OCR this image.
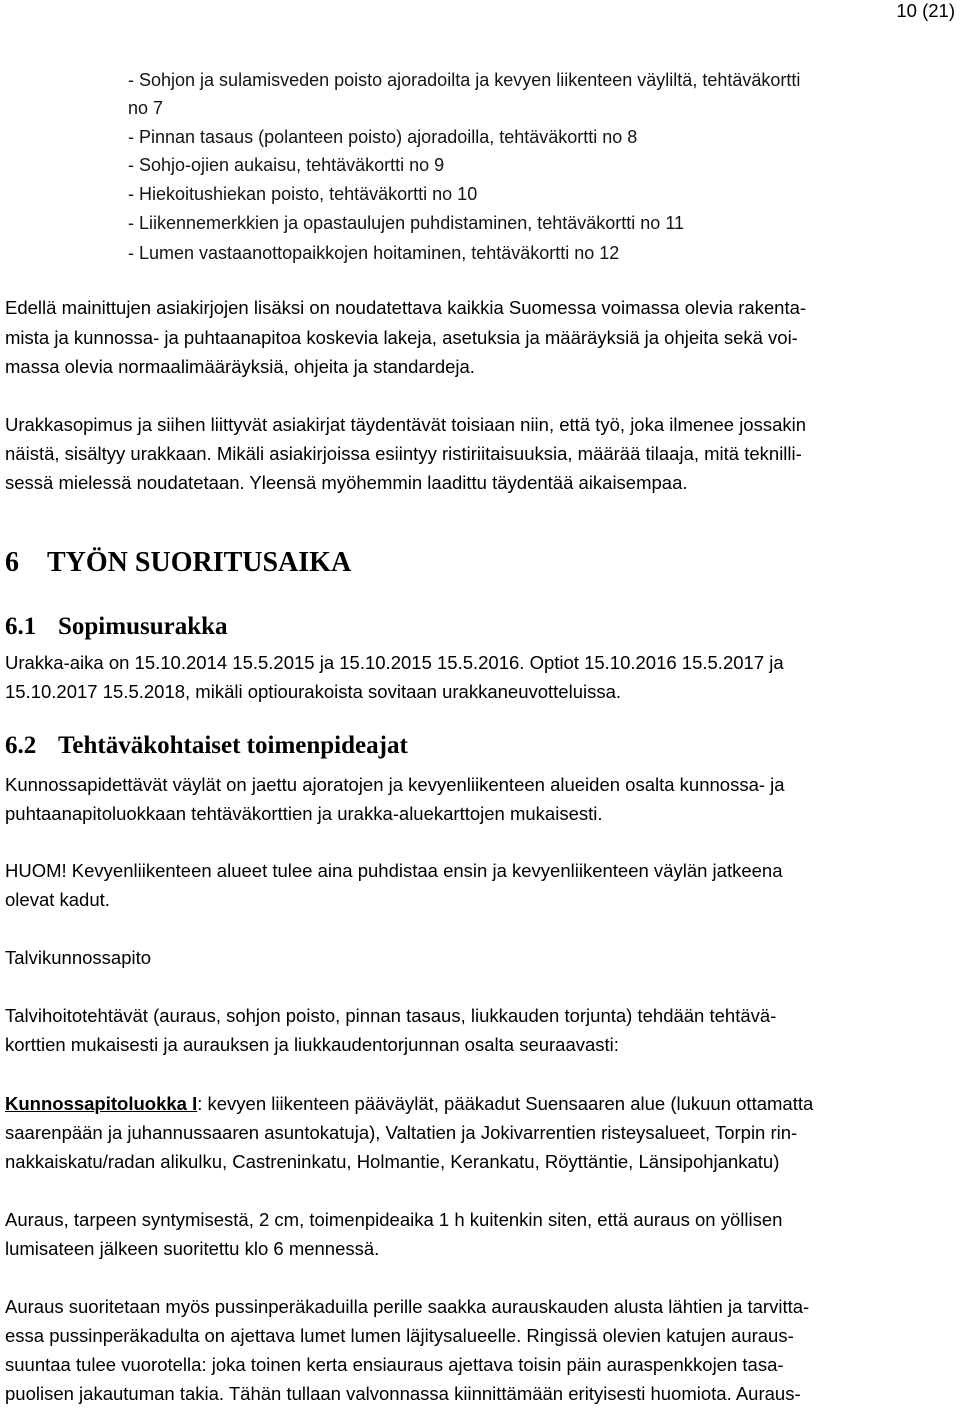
10 (21)
- Sohjon ja sulamisveden poisto ajoradoilta ja kevyen liikenteen väyliltä, tehtäväkortti
no 7
- Pinnan tasaus (polanteen poisto) ajoradoilla, tehtäväkortti no 8
- Sohjo-ojien aukaisu, tehtäväkortti no 9
- Hiekoitushiekan poisto, tehtäväkortti no 10
- Liikennemerkkien ja opastaulujen puhdistaminen, tehtäväkortti no 11
- Lumen vastaanottopaikkojen hoitaminen, tehtäväkortti no 12
Edellä mainittujen asiakirjojen lisäksi on noudatettava kaikkia Suomessa voimassa olevia rakenta-
mista ja kunnossa- ja puhtaanapitoa koskevia lakeja, asetuksia ja määräyksiä ja ohjeita sekä voi-
massa olevia normaalimääräyksiä, ohjeita ja standardeja.
Urakkasopimus ja siihen liittyvät asiakirjat täydentävät toisiaan niin, että työ, joka ilmenee jossakin
näistä, sisältyy urakkaan. Mikäli asiakirjoissa esiintyy ristiriitaisuuksia, määrää tilaaja, mitä teknilli-
sessä mielessä noudatetaan. Yleensä myöhemmin laadittu täydentää aikaisempaa.
6 TYÖN SUORITUSAIKA
6.1 Sopimusurakka
Urakka-aika on 15.10.2014 15.5.2015 ja 15.10.2015 15.5.2016. Optiot 15.10.2016 15.5.2017 ja
15.10.2017 15.5.2018, mikäli optiourakoista sovitaan urakkaneuvotteluissa.
6.2 Tehtäväkohtaiset toimenpideajat
Kunnossapidettävät väylät on jaettu ajoratojen ja kevyenliikenteen alueiden osalta kunnossa- ja
puhtaanapitoluokkaan tehtäväkorttien ja urakka-aluekarttojen mukaisesti.
HUOM! Kevyenliikenteen alueet tulee aina puhdistaa ensin ja kevyenliikenteen väylän jatkeena
olevat kadut.
Talvikunnossapito
Talvihoitotehtävät (auraus, sohjon poisto, pinnan tasaus, liukkauden torjunta) tehdään tehtävä-
korttien mukaisesti ja aurauksen ja liukkaudentorjunnan osalta seuraavasti:
Kunnossapitoluokka I: kevyen liikenteen pääväylät, pääkadut Suensaaren alue (lukuun ottamatta
saarenpään ja juhannussaaren asuntokatuja), Valtatien ja Jokivarrentien risteysalueet, Torpin rin-
nakkaiskatu/radan alikulku, Castreninkatu, Holmantie, Kerankatu, Röyttäntie, Länsipohjankatu)
Auraus, tarpeen syntymisestä, 2 cm, toimenpideaika 1 h kuitenkin siten, että auraus on yöllisen
lumisateen jälkeen suoritettu klo 6 mennessä.
Auraus suoritetaan myös pussinperäkaduilla perille saakka aurauskauden alusta lähtien ja tarvitta-
essa pussinperäkadulta on ajettava lumet lumen läjitysalueelle. Ringissä olevien katujen auraus-
suuntaa tulee vuorotella: joka toinen kerta ensiauraus ajettava toisin päin auraspenkkojen tasa-
puolisen jakautuman takia. Tähän tullaan valvonnassa kiinnittämään erityisesti huomiota. Auraus-
